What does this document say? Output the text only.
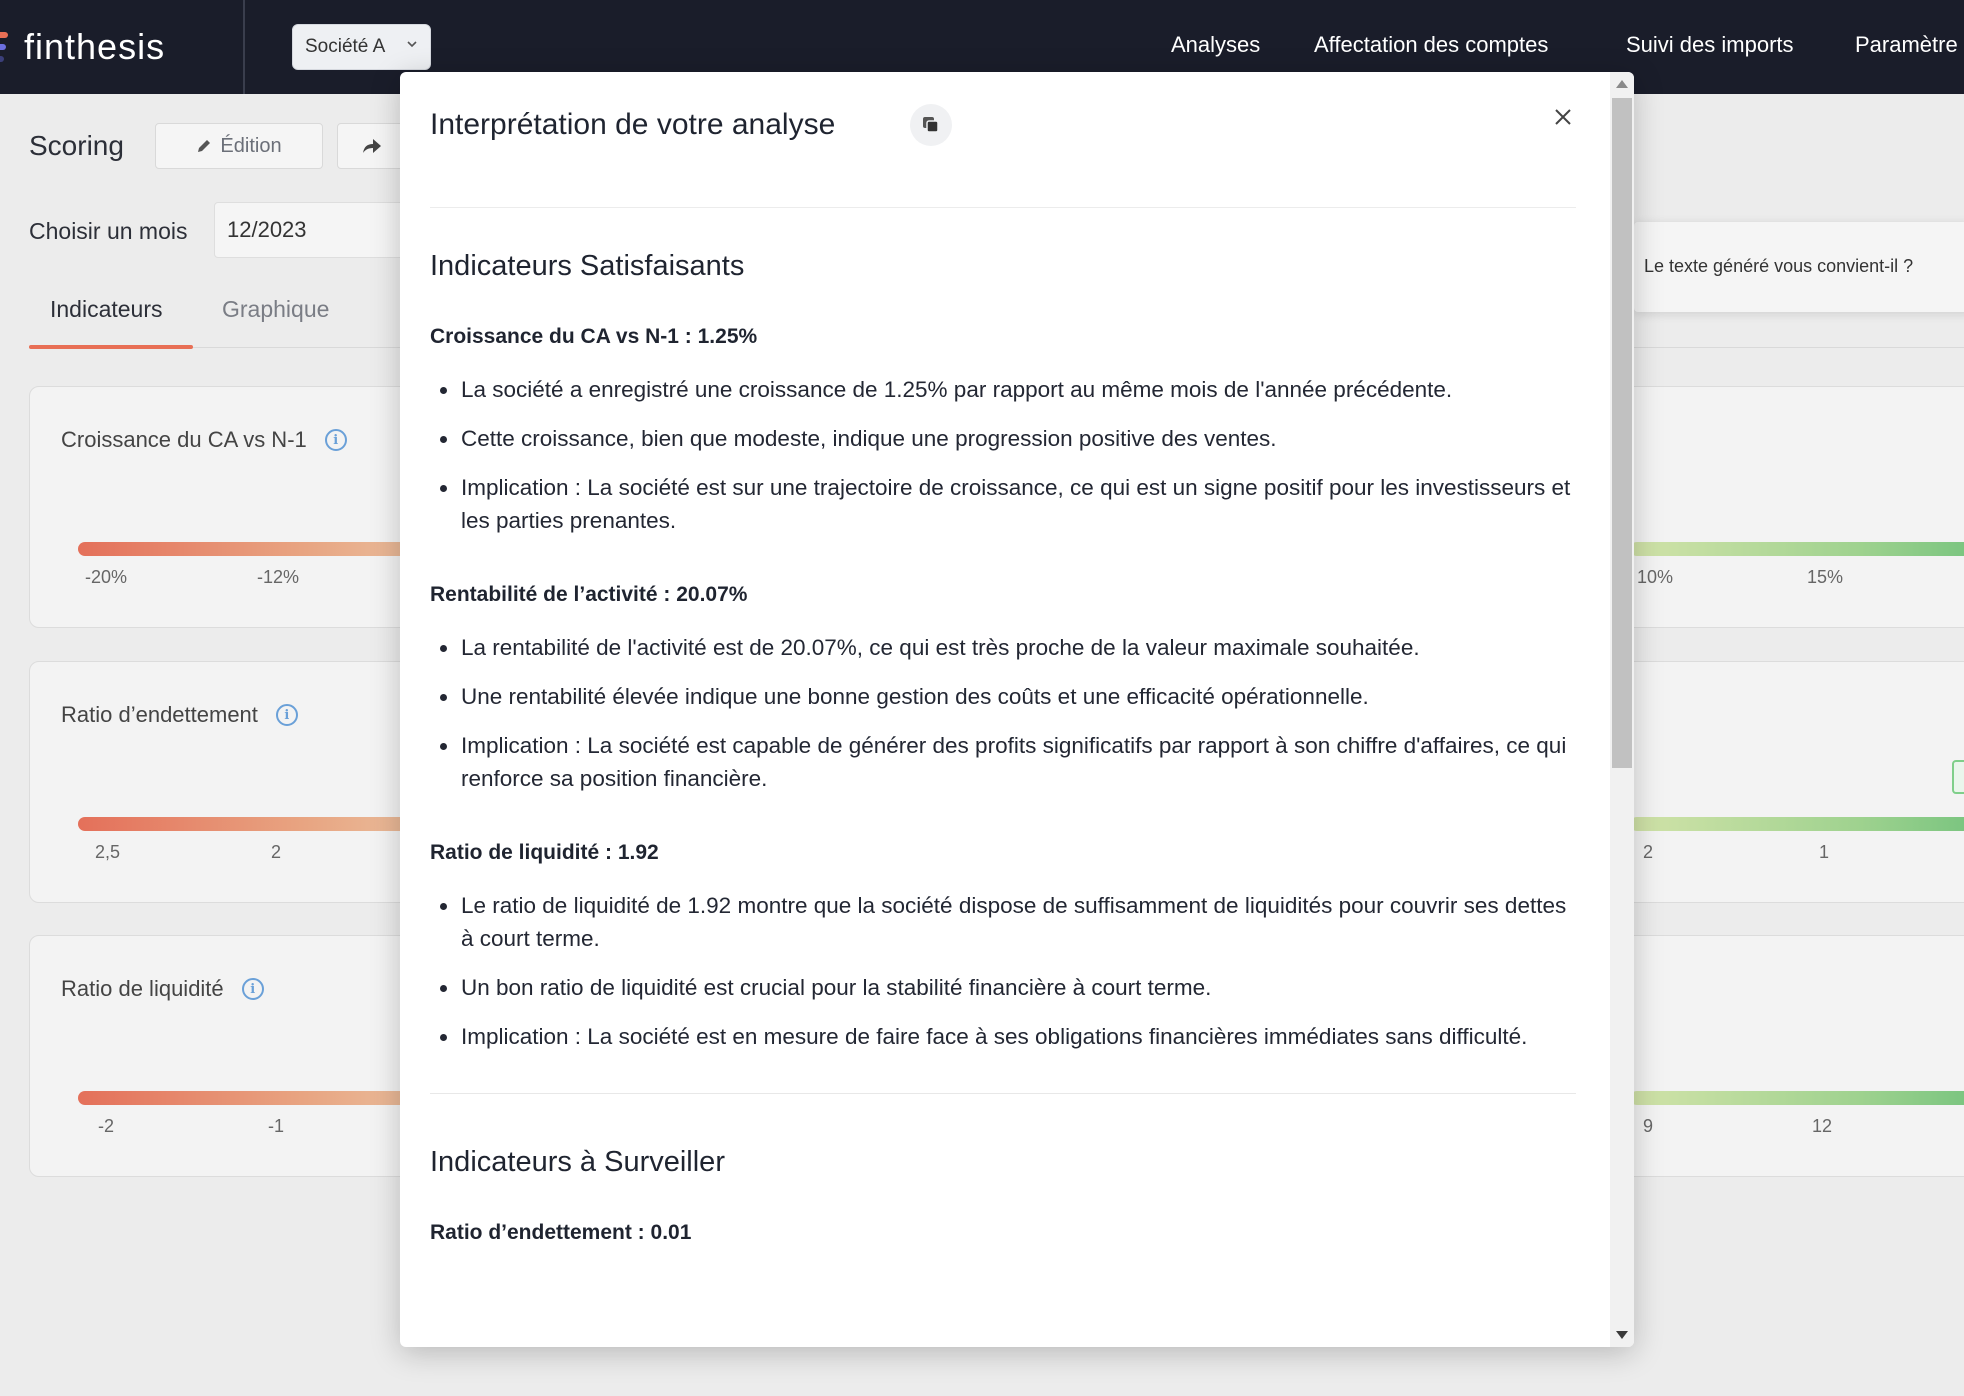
finthesis	Société A	Analyses Affectation des comptes	Suivi des imports	Paramètre
Scoring	Édition
Choisir un mois	12/2023
Indicateurs	Graphique
Croissance du CA vs N-1	i
-20%	-12%	10%	15%
Ratio d’endettement	i
2,5	2	2	1
Ratio de liquidité	i
-2	-1	9	12
Le texte généré vous convient-il ?
Interprétation de votre analyse
Indicateurs Satisfaisants
Croissance du CA vs N-1 : 1.25%
La société a enregistré une croissance de 1.25% par rapport au même mois de l'année précédente.
Cette croissance, bien que modeste, indique une progression positive des ventes.
Implication : La société est sur une trajectoire de croissance, ce qui est un signe positif pour les investisseurs et les parties prenantes.
Rentabilité de l’activité : 20.07%
La rentabilité de l'activité est de 20.07%, ce qui est très proche de la valeur maximale souhaitée.
Une rentabilité élevée indique une bonne gestion des coûts et une efficacité opérationnelle.
Implication : La société est capable de générer des profits significatifs par rapport à son chiffre d'affaires, ce qui renforce sa position financière.
Ratio de liquidité : 1.92
Le ratio de liquidité de 1.92 montre que la société dispose de suffisamment de liquidités pour couvrir ses dettes à court terme.
Un bon ratio de liquidité est crucial pour la stabilité financière à court terme.
Implication : La société est en mesure de faire face à ses obligations financières immédiates sans difficulté.
Indicateurs à Surveiller
Ratio d’endettement : 0.01
